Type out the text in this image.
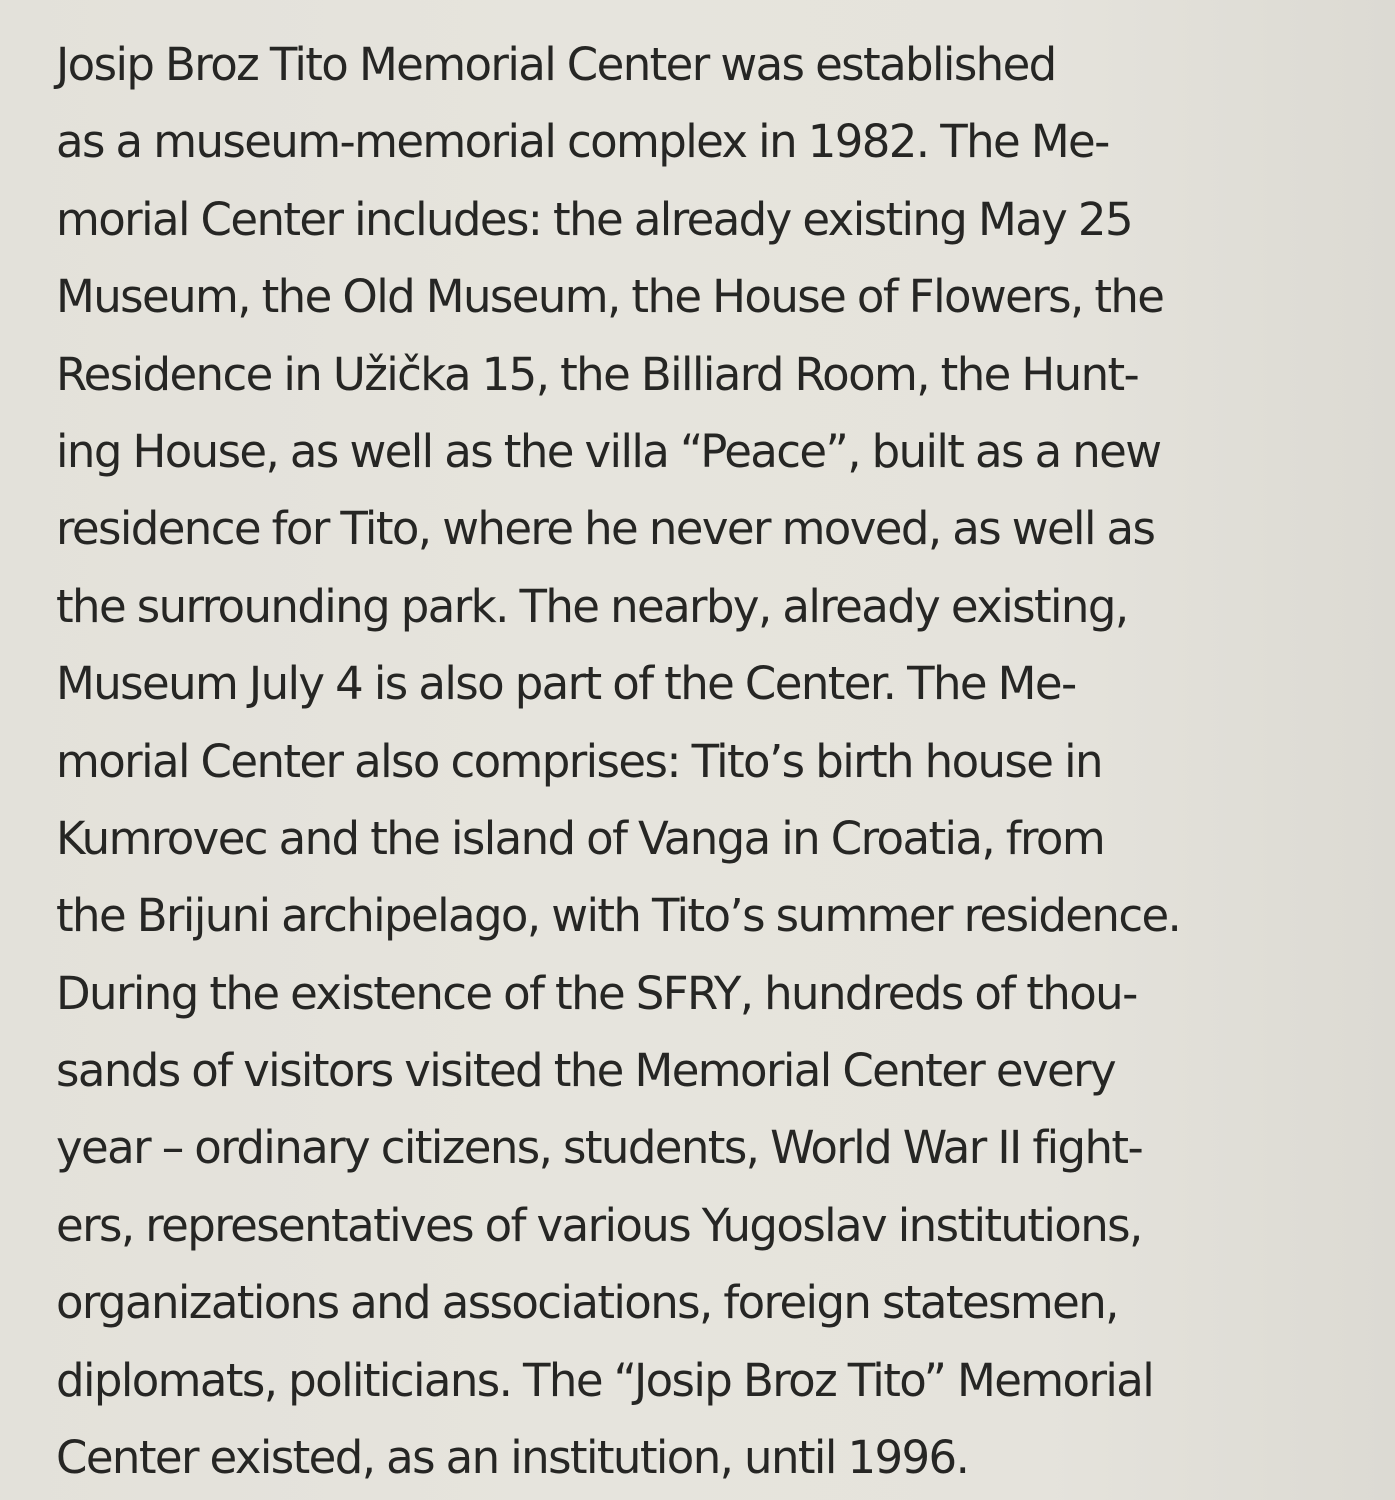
Josip Broz Tito Memorial Center was established
as a museum-memorial complex in 1982. The Me-
morial Center includes: the already existing May 25
Museum, the Old Museum, the House of Flowers, the
Residence in Užička 15, the Billiard Room, the Hunt-
ing House, as well as the villa “Peace”, built as a new
residence for Tito, where he never moved, as well as
the surrounding park. The nearby, already existing,
Museum July 4 is also part of the Center. The Me-
morial Center also comprises: Tito’s birth house in
Kumrovec and the island of Vanga in Croatia, from
the Brijuni archipelago, with Tito’s summer residence.
During the existence of the SFRY, hundreds of thou-
sands of visitors visited the Memorial Center every
year – ordinary citizens, students, World War II fight-
ers, representatives of various Yugoslav institutions,
organizations and associations, foreign statesmen,
diplomats, politicians. The “Josip Broz Tito” Memorial
Center existed, as an institution, until 1996.
